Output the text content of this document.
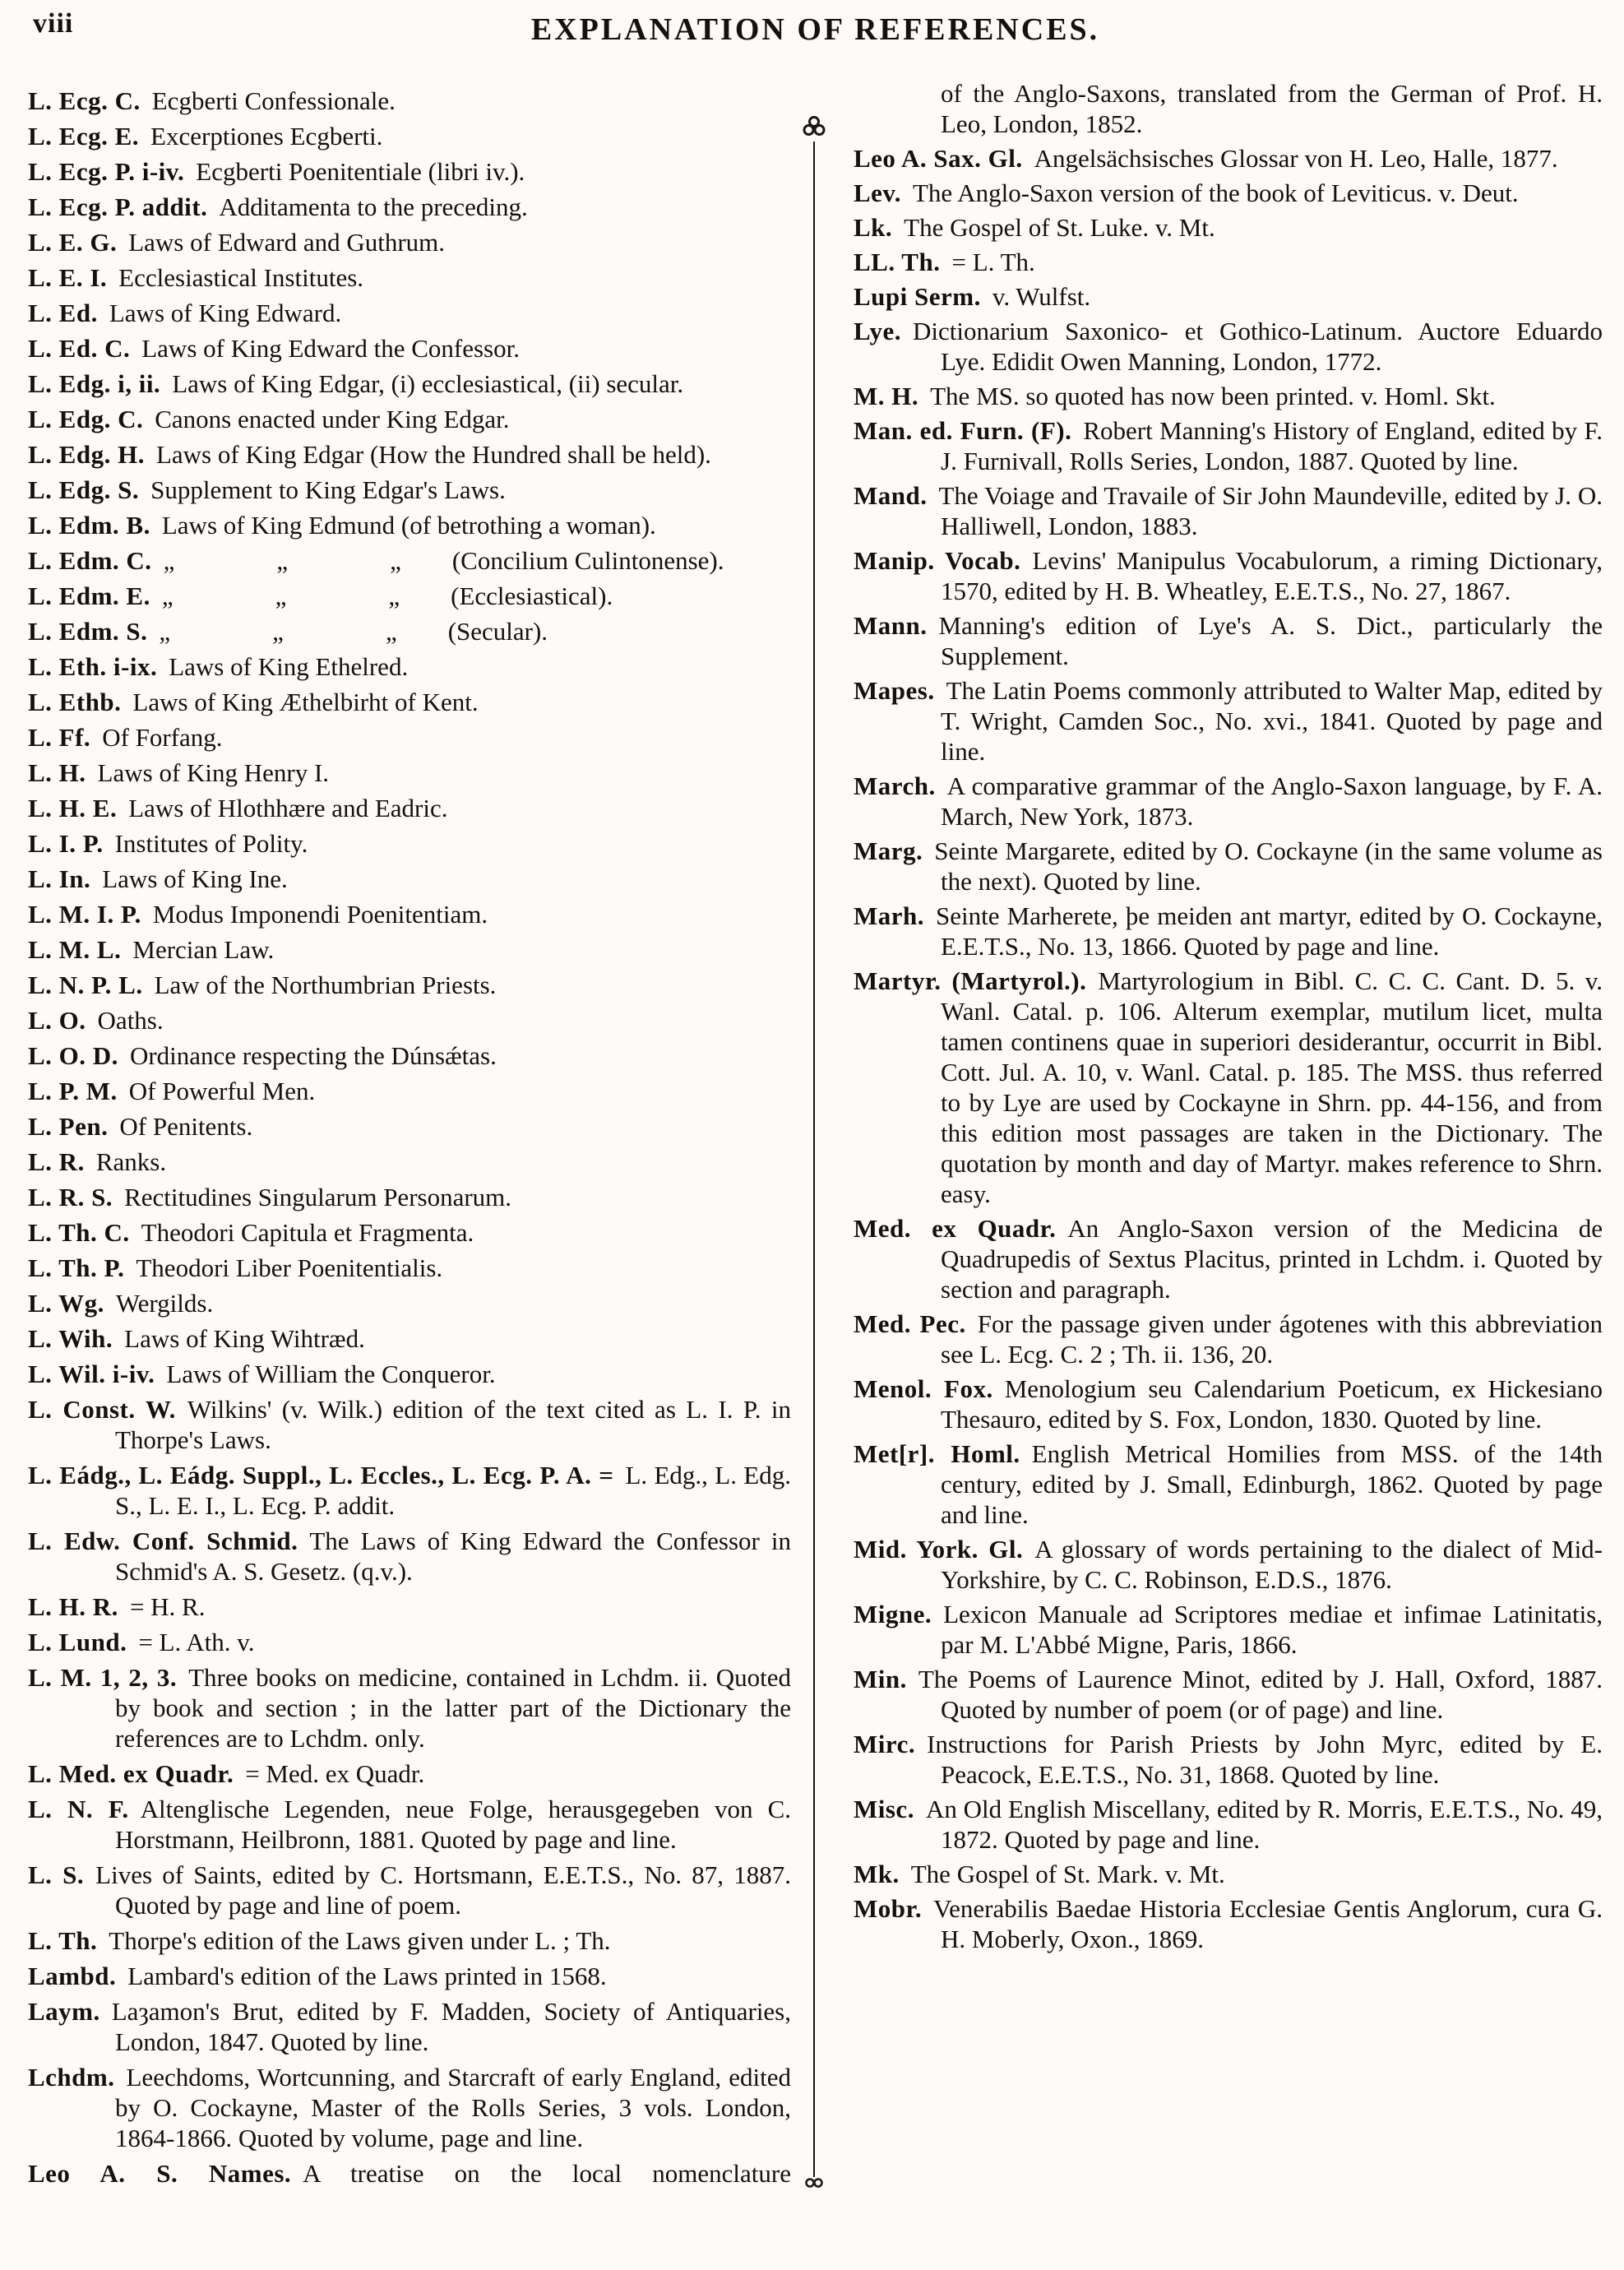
viii	EXPLANATION OF REFERENCES.
L. Ecg. C. Ecgberti Confessionale.
L. Ecg. E. Excerptiones Ecgberti.
L. Ecg. P. i-iv. Ecgberti Poenitentiale (libri iv.).
L. Ecg. P. addit. Additamenta to the preceding.
L. E. G. Laws of Edward and Guthrum.
L. E. I. Ecclesiastical Institutes.
L. Ed. Laws of King Edward.
L. Ed. C. Laws of King Edward the Confessor.
L. Edg. i, ii. Laws of King Edgar, (i) ecclesiastical, (ii) secular.
L. Edg. C. Canons enacted under King Edgar.
L. Edg. H. Laws of King Edgar (How the Hundred shall be held).
L. Edg. S. Supplement to King Edgar's Laws.
L. Edm. B. Laws of King Edmund (of betrothing a woman).
L. Edm. C. „    „    „  (Concilium Culintonense).
L. Edm. E. „    „    „  (Ecclesiastical).
L. Edm. S. „    „    „  (Secular).
L. Eth. i-ix. Laws of King Ethelred.
L. Ethb. Laws of King Æthelbirht of Kent.
L. Ff. Of Forfang.
L. H. Laws of King Henry I.
L. H. E. Laws of Hlothhære and Eadric.
L. I. P. Institutes of Polity.
L. In. Laws of King Ine.
L. M. I. P. Modus Imponendi Poenitentiam.
L. M. L. Mercian Law.
L. N. P. L. Law of the Northumbrian Priests.
L. O. Oaths.
L. O. D. Ordinance respecting the Dúnsǽtas.
L. P. M. Of Powerful Men.
L. Pen. Of Penitents.
L. R. Ranks.
L. R. S. Rectitudines Singularum Personarum.
L. Th. C. Theodori Capitula et Fragmenta.
L. Th. P. Theodori Liber Poenitentialis.
L. Wg. Wergilds.
L. Wih. Laws of King Wihtræd.
L. Wil. i-iv. Laws of William the Conqueror.
L. Const. W. Wilkins' (v. Wilk.) edition of the text cited as L. I. P. in Thorpe's Laws.
L. Eádg., L. Eádg. Suppl., L. Eccles., L. Ecg. P. A. = L. Edg., L. Edg. S., L. E. I., L. Ecg. P. addit.
L. Edw. Conf. Schmid. The Laws of King Edward the Confessor in Schmid's A. S. Gesetz. (q.v.).
L. H. R. = H. R.
L. Lund. = L. Ath. v.
L. M. 1, 2, 3. Three books on medicine, contained in Lchdm. ii. Quoted by book and section ; in the latter part of the Dictionary the references are to Lchdm. only.
L. Med. ex Quadr. = Med. ex Quadr.
L. N. F. Altenglische Legenden, neue Folge, herausgegeben von C. Horstmann, Heilbronn, 1881. Quoted by page and line.
L. S. Lives of Saints, edited by C. Hortsmann, E.E.T.S., No. 87, 1887. Quoted by page and line of poem.
L. Th. Thorpe's edition of the Laws given under L. ; Th.
Lambd. Lambard's edition of the Laws printed in 1568.
Laym. Laȝamon's Brut, edited by F. Madden, Society of Antiquaries, London, 1847. Quoted by line.
Lchdm. Leechdoms, Wortcunning, and Starcraft of early England, edited by O. Cockayne, Master of the Rolls Series, 3 vols. London, 1864-1866. Quoted by volume, page and line.
Leo A. S. Names. A treatise on the local nomenclature
of the Anglo-Saxons, translated from the German of Prof. H. Leo, London, 1852.
Leo A. Sax. Gl. Angelsächsisches Glossar von H. Leo, Halle, 1877.
Lev. The Anglo-Saxon version of the book of Leviticus. v. Deut.
Lk. The Gospel of St. Luke. v. Mt.
LL. Th. = L. Th.
Lupi Serm. v. Wulfst.
Lye. Dictionarium Saxonico- et Gothico-Latinum. Auctore Eduardo Lye. Edidit Owen Manning, London, 1772.
M. H. The MS. so quoted has now been printed. v. Homl. Skt.
Man. ed. Furn. (F). Robert Manning's History of England, edited by F. J. Furnivall, Rolls Series, London, 1887. Quoted by line.
Mand. The Voiage and Travaile of Sir John Maundeville, edited by J. O. Halliwell, London, 1883.
Manip. Vocab. Levins' Manipulus Vocabulorum, a riming Dictionary, 1570, edited by H. B. Wheatley, E.E.T.S., No. 27, 1867.
Mann. Manning's edition of Lye's A. S. Dict., particularly the Supplement.
Mapes. The Latin Poems commonly attributed to Walter Map, edited by T. Wright, Camden Soc., No. xvi., 1841. Quoted by page and line.
March. A comparative grammar of the Anglo-Saxon language, by F. A. March, New York, 1873.
Marg. Seinte Margarete, edited by O. Cockayne (in the same volume as the next). Quoted by line.
Marh. Seinte Marherete, þe meiden ant martyr, edited by O. Cockayne, E.E.T.S., No. 13, 1866. Quoted by page and line.
Martyr. (Martyrol.). Martyrologium in Bibl. C. C. C. Cant. D. 5. v. Wanl. Catal. p. 106. Alterum exemplar, mutilum licet, multa tamen continens quae in superiori desiderantur, occurrit in Bibl. Cott. Jul. A. 10, v. Wanl. Catal. p. 185. The MSS. thus referred to by Lye are used by Cockayne in Shrn. pp. 44-156, and from this edition most passages are taken in the Dictionary. The quotation by month and day of Martyr. makes reference to Shrn. easy.
Med. ex Quadr. An Anglo-Saxon version of the Medicina de Quadrupedis of Sextus Placitus, printed in Lchdm. i. Quoted by section and paragraph.
Med. Pec. For the passage given under ágotenes with this abbreviation see L. Ecg. C. 2 ; Th. ii. 136, 20.
Menol. Fox. Menologium seu Calendarium Poeticum, ex Hickesiano Thesauro, edited by S. Fox, London, 1830. Quoted by line.
Met[r]. Homl. English Metrical Homilies from MSS. of the 14th century, edited by J. Small, Edinburgh, 1862. Quoted by page and line.
Mid. York. Gl. A glossary of words pertaining to the dialect of Mid-Yorkshire, by C. C. Robinson, E.D.S., 1876.
Migne. Lexicon Manuale ad Scriptores mediae et infimae Latinitatis, par M. L'Abbé Migne, Paris, 1866.
Min. The Poems of Laurence Minot, edited by J. Hall, Oxford, 1887. Quoted by number of poem (or of page) and line.
Mirc. Instructions for Parish Priests by John Myrc, edited by E. Peacock, E.E.T.S., No. 31, 1868. Quoted by line.
Misc. An Old English Miscellany, edited by R. Morris, E.E.T.S., No. 49, 1872. Quoted by page and line.
Mk. The Gospel of St. Mark. v. Mt.
Mobr. Venerabilis Baedae Historia Ecclesiae Gentis Anglorum, cura G. H. Moberly, Oxon., 1869.
